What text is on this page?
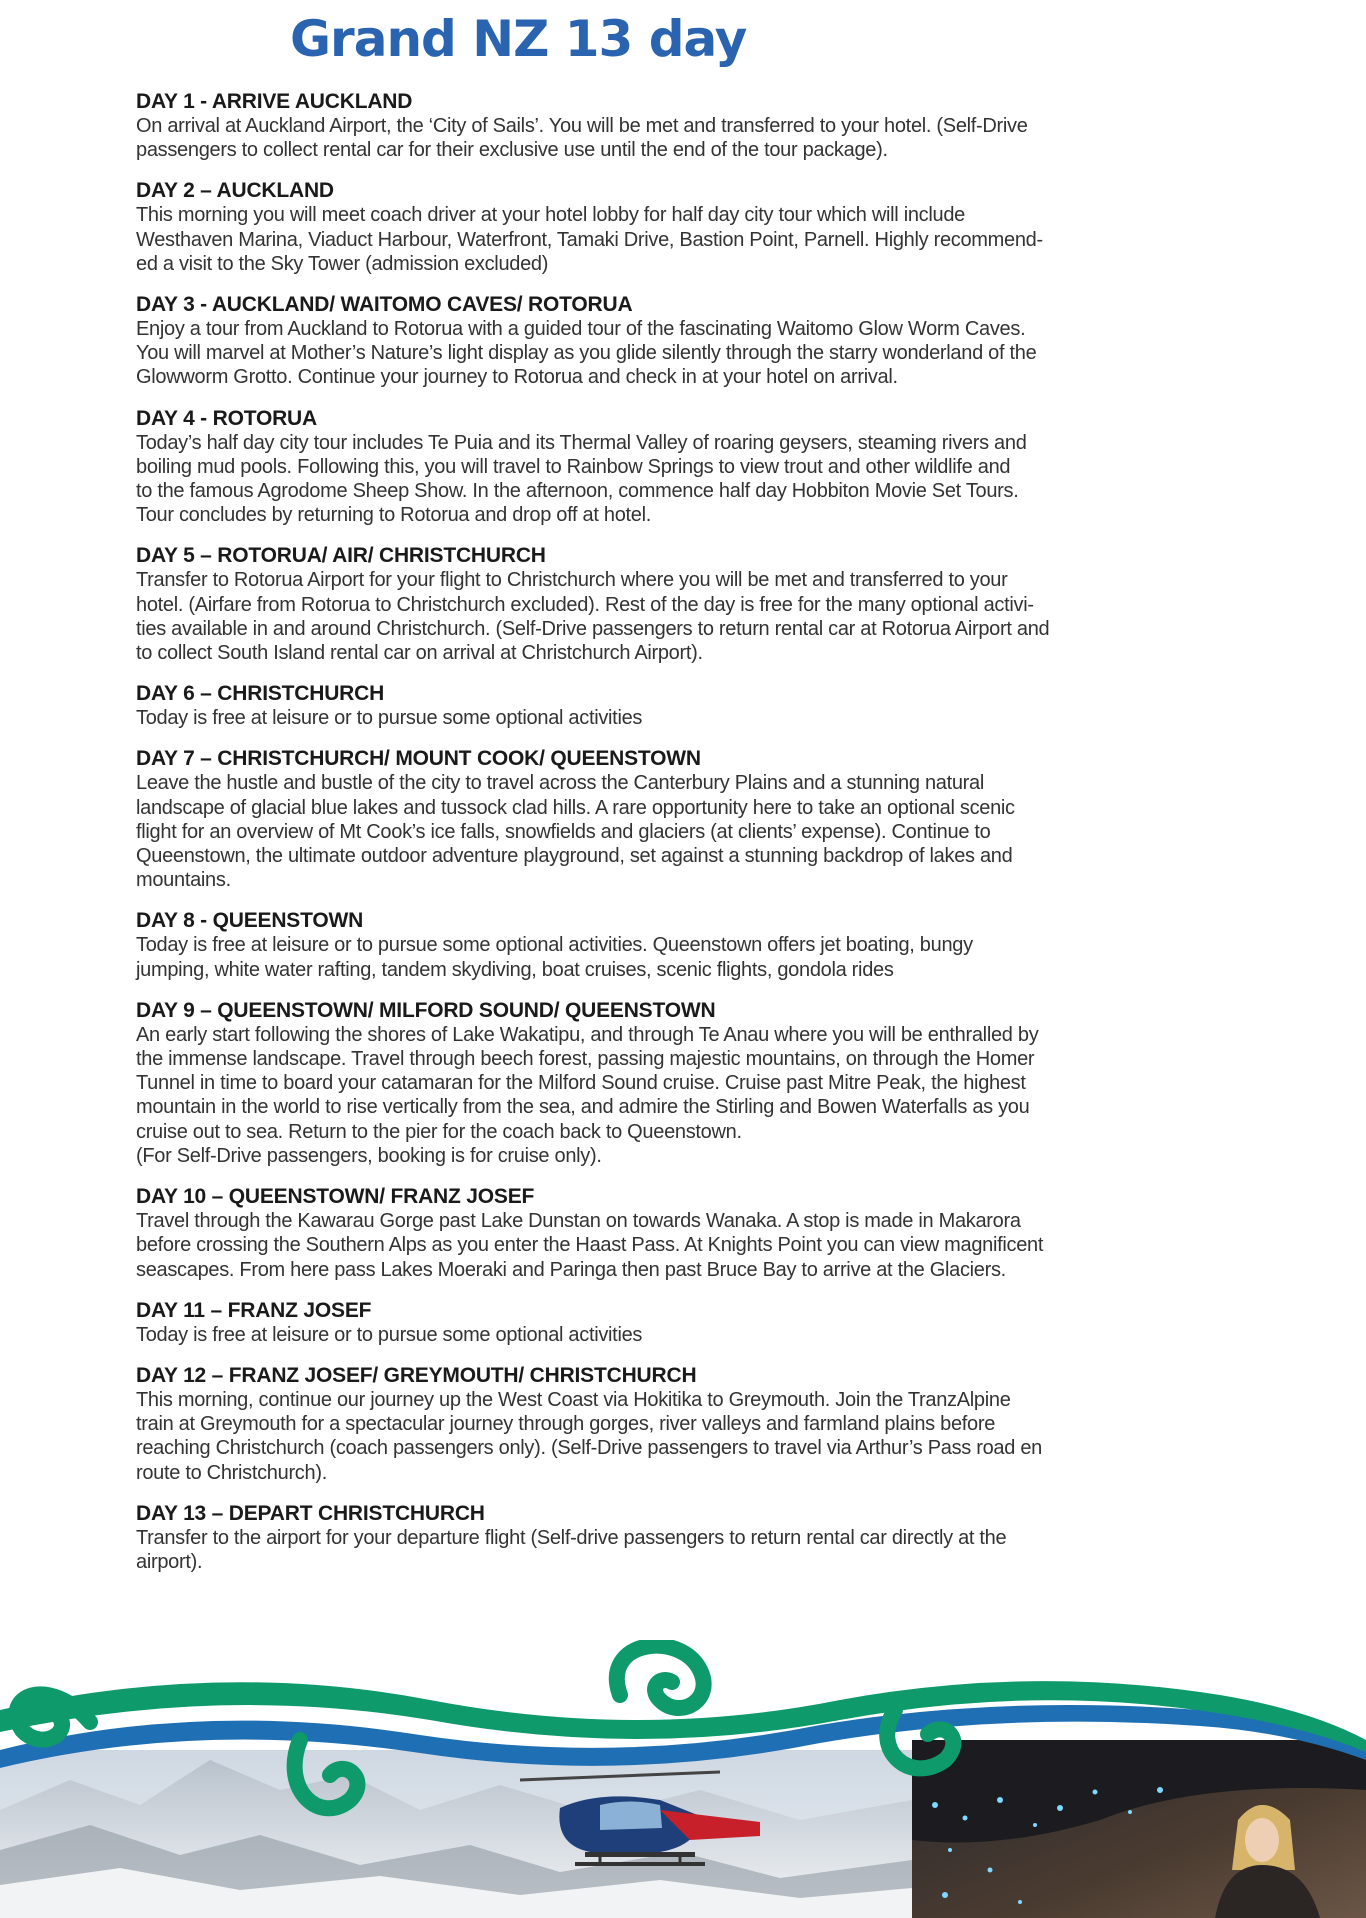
Grand NZ 13 day
DAY 1 - ARRIVE AUCKLAND
On arrival at Auckland Airport, the ‘City of Sails’. You will be met and transferred to your hotel. (Self-Drive
passengers to collect rental car for their exclusive use until the end of the tour package).
DAY 2 – AUCKLAND
This morning you will meet coach driver at your hotel lobby for half day city tour which will include
Westhaven Marina, Viaduct Harbour, Waterfront, Tamaki Drive, Bastion Point, Parnell. Highly recommend-
ed a visit to the Sky Tower (admission excluded)
DAY 3 - AUCKLAND/ WAITOMO CAVES/ ROTORUA
Enjoy a tour from Auckland to Rotorua with a guided tour of the fascinating Waitomo Glow Worm Caves.
You will marvel at Mother’s Nature’s light display as you glide silently through the starry wonderland of the
Glowworm Grotto. Continue your journey to Rotorua and check in at your hotel on arrival.
DAY 4 - ROTORUA
Today’s half day city tour includes Te Puia and its Thermal Valley of roaring geysers, steaming rivers and
boiling mud pools. Following this, you will travel to Rainbow Springs to view trout and other wildlife and
to the famous Agrodome Sheep Show. In the afternoon, commence half day Hobbiton Movie Set Tours.
Tour concludes by returning to Rotorua and drop off at hotel.
DAY 5 – ROTORUA/ AIR/ CHRISTCHURCH
Transfer to Rotorua Airport for your flight to Christchurch where you will be met and transferred to your
hotel. (Airfare from Rotorua to Christchurch excluded). Rest of the day is free for the many optional activi-
ties available in and around Christchurch. (Self-Drive passengers to return rental car at Rotorua Airport and
to collect South Island rental car on arrival at Christchurch Airport).
DAY 6 – CHRISTCHURCH
Today is free at leisure or to pursue some optional activities
DAY 7 – CHRISTCHURCH/ MOUNT COOK/ QUEENSTOWN
Leave the hustle and bustle of the city to travel across the Canterbury Plains and a stunning natural
landscape of glacial blue lakes and tussock clad hills. A rare opportunity here to take an optional scenic
flight for an overview of Mt Cook’s ice falls, snowfields and glaciers (at clients’ expense). Continue to
Queenstown, the ultimate outdoor adventure playground, set against a stunning backdrop of lakes and
mountains.
DAY 8 - QUEENSTOWN
Today is free at leisure or to pursue some optional activities. Queenstown offers jet boating, bungy
jumping, white water rafting, tandem skydiving, boat cruises, scenic flights, gondola rides
DAY 9 – QUEENSTOWN/ MILFORD SOUND/ QUEENSTOWN
An early start following the shores of Lake Wakatipu, and through Te Anau where you will be enthralled by
the immense landscape. Travel through beech forest, passing majestic mountains, on through the Homer
Tunnel in time to board your catamaran for the Milford Sound cruise. Cruise past Mitre Peak, the highest
mountain in the world to rise vertically from the sea, and admire the Stirling and Bowen Waterfalls as you
cruise out to sea. Return to the pier for the coach back to Queenstown.
(For Self-Drive passengers, booking is for cruise only).
DAY 10 – QUEENSTOWN/ FRANZ JOSEF
Travel through the Kawarau Gorge past Lake Dunstan on towards Wanaka. A stop is made in Makarora
before crossing the Southern Alps as you enter the Haast Pass. At Knights Point you can view magnificent
seascapes. From here pass Lakes Moeraki and Paringa then past Bruce Bay to arrive at the Glaciers.
DAY 11 – FRANZ JOSEF
Today is free at leisure or to pursue some optional activities
DAY 12 – FRANZ JOSEF/ GREYMOUTH/ CHRISTCHURCH
This morning, continue our journey up the West Coast via Hokitika to Greymouth. Join the TranzAlpine
train at Greymouth for a spectacular journey through gorges, river valleys and farmland plains before
reaching Christchurch (coach passengers only). (Self-Drive passengers to travel via Arthur’s Pass road en
route to Christchurch).
DAY 13 – DEPART CHRISTCHURCH
Transfer to the airport for your departure flight (Self-drive passengers to return rental car directly at the
airport).
